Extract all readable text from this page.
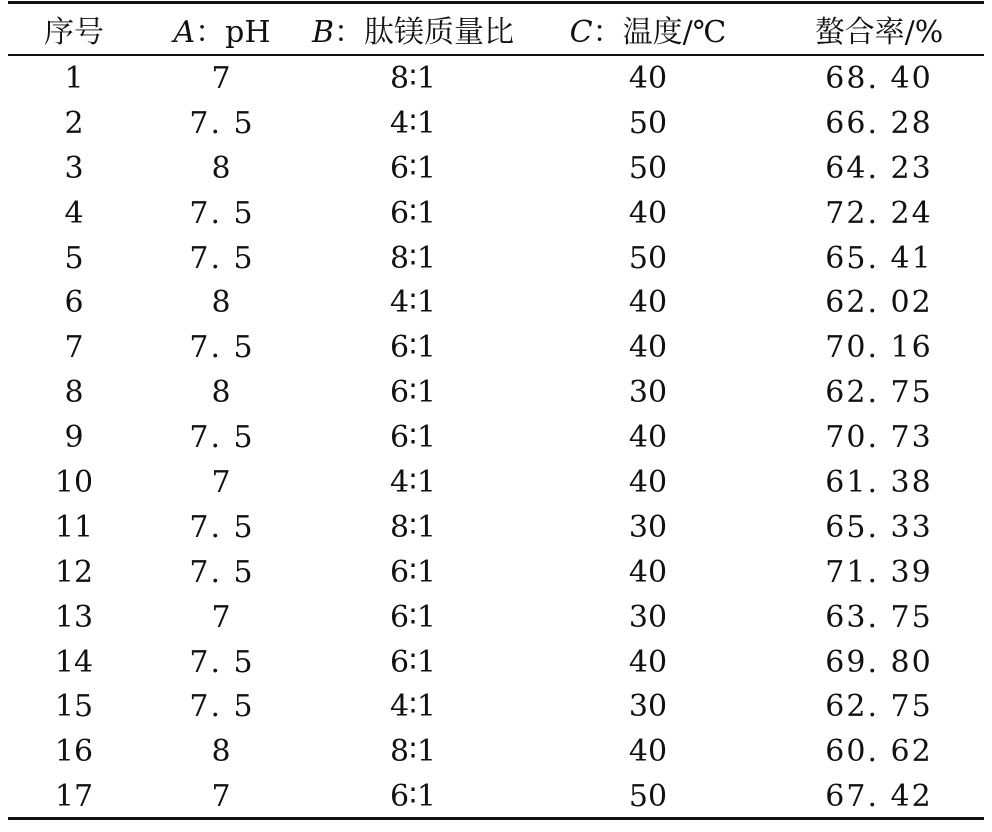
序号	A：pH	B：肽镁质量比	C：温度/℃	螯合率/%
1	7	8∶1	40	68. 40
2	7. 5	4∶1	50	66. 28
3	8	6∶1	50	64. 23
4	7. 5	6∶1	40	72. 24
5	7. 5	8∶1	50	65. 41
6	8	4∶1	40	62. 02
7	7. 5	6∶1	40	70. 16
8	8	6∶1	30	62. 75
9	7. 5	6∶1	40	70. 73
10	7	4∶1	40	61. 38
11	7. 5	8∶1	30	65. 33
12	7. 5	6∶1	40	71. 39
13	7	6∶1	30	63. 75
14	7. 5	6∶1	40	69. 80
15	7. 5	4∶1	30	62. 75
16	8	8∶1	40	60. 62
17	7	6∶1	50	67. 42
